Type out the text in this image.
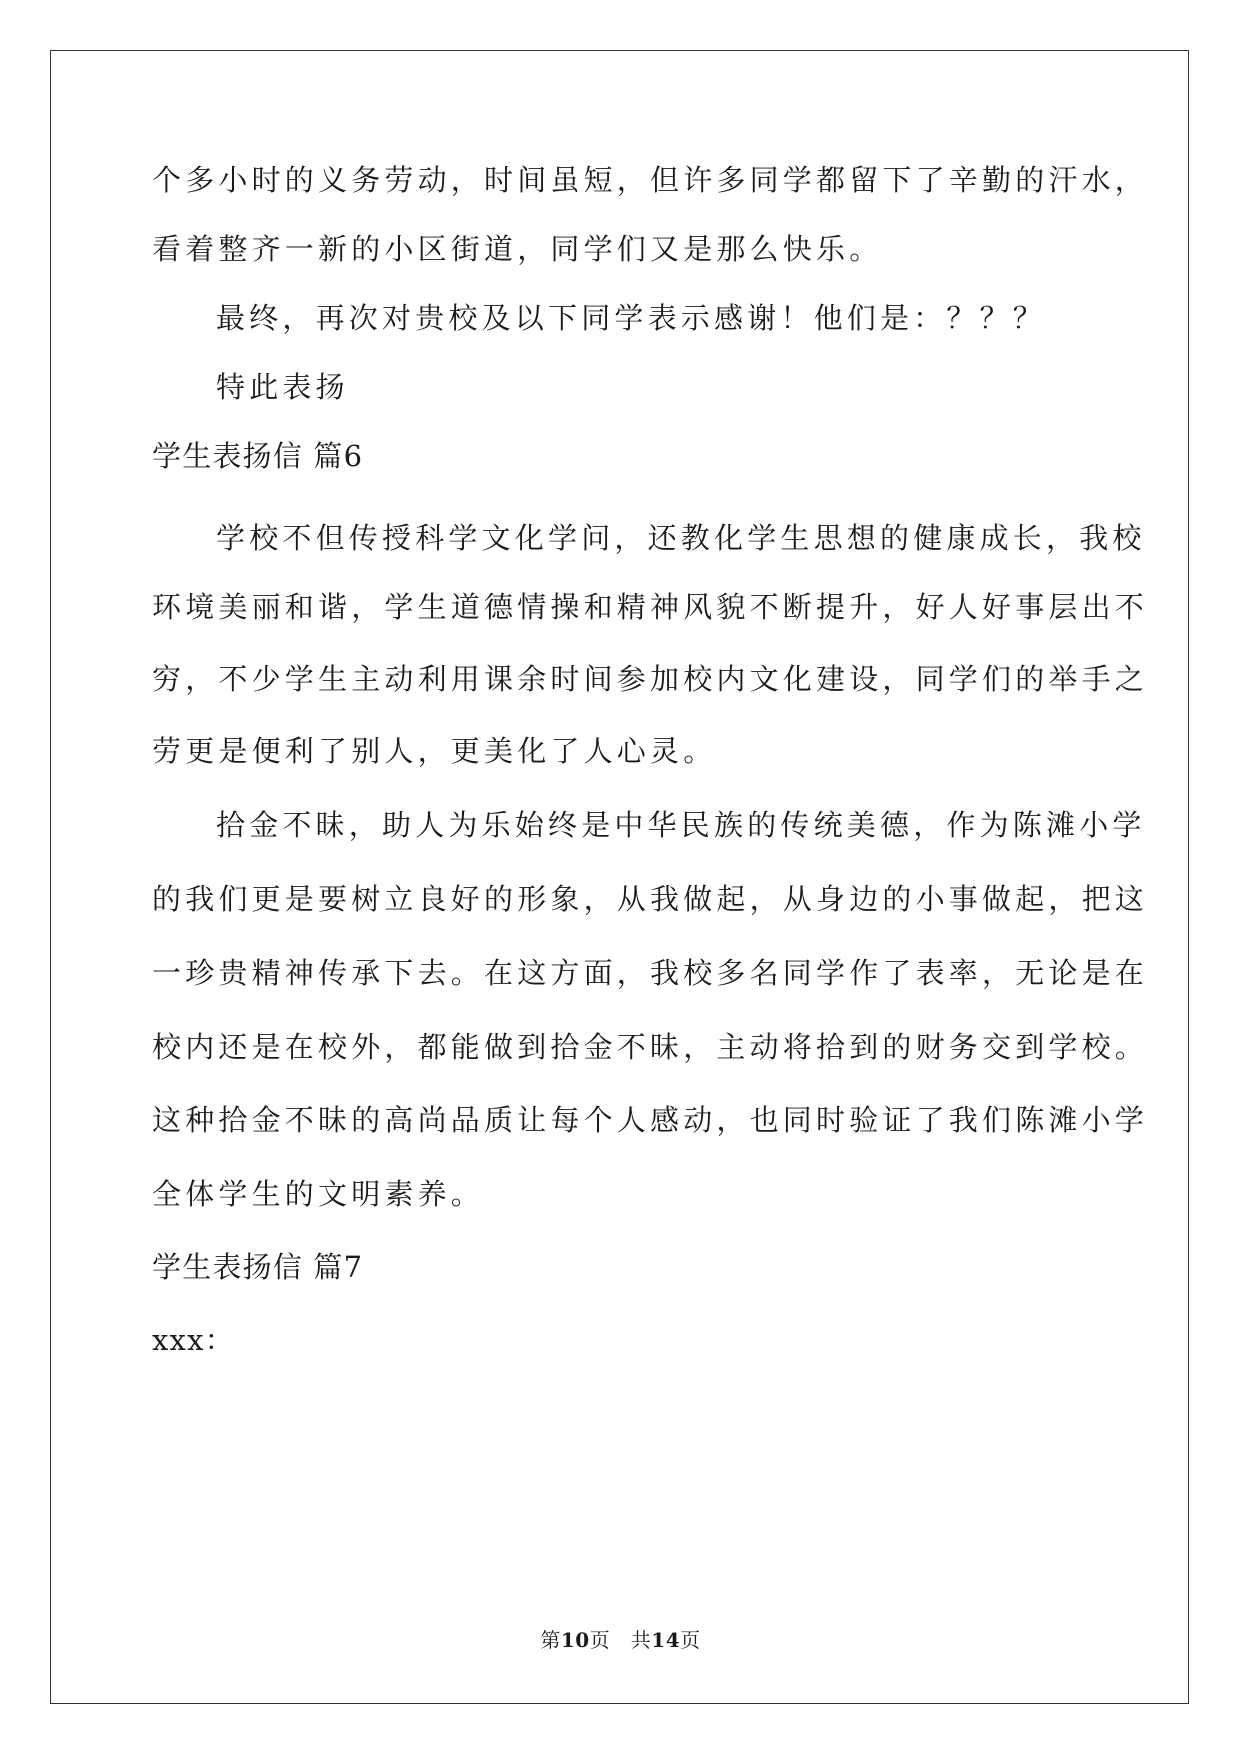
个多小时的义务劳动，时间虽短，但许多同学都留下了辛勤的汗水，
看着整齐一新的小区街道，同学们又是那么快乐。
最终，再次对贵校及以下同学表示感谢！他们是：？？？
特此表扬
学生表扬信 篇6
学校不但传授科学文化学问，还教化学生思想的健康成长，我校
环境美丽和谐，学生道德情操和精神风貌不断提升，好人好事层出不
穷，不少学生主动利用课余时间参加校内文化建设，同学们的举手之
劳更是便利了别人，更美化了人心灵。
拾金不昧，助人为乐始终是中华民族的传统美德，作为陈滩小学
的我们更是要树立良好的形象，从我做起，从身边的小事做起，把这
一珍贵精神传承下去。在这方面，我校多名同学作了表率，无论是在
校内还是在校外，都能做到拾金不昧，主动将拾到的财务交到学校。
这种拾金不昧的高尚品质让每个人感动，也同时验证了我们陈滩小学
全体学生的文明素养。
学生表扬信 篇7
xxx：
第10页   共14页
